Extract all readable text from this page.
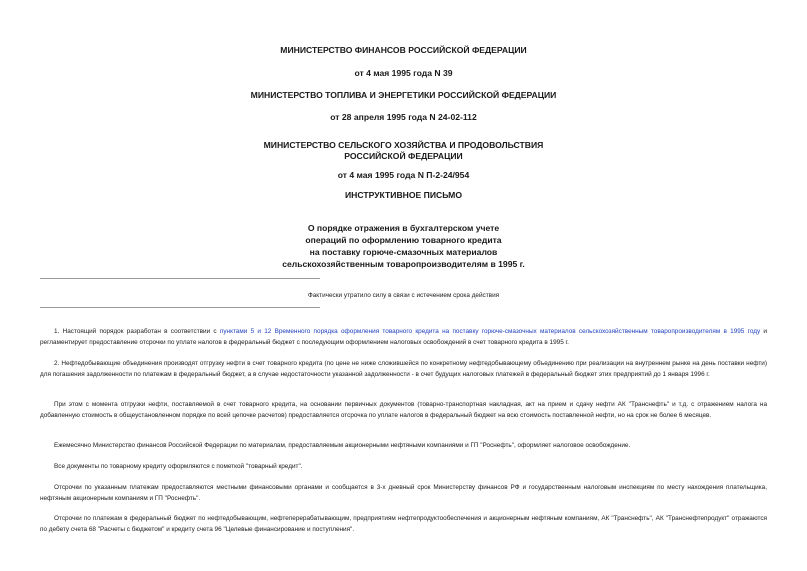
МИНИСТЕРСТВО ФИНАНСОВ РОССИЙСКОЙ ФЕДЕРАЦИИ
от 4 мая 1995 года N 39
МИНИСТЕРСТВО ТОПЛИВА И ЭНЕРГЕТИКИ РОССИЙСКОЙ ФЕДЕРАЦИИ
от 28 апреля 1995 года N 24-02-112
МИНИСТЕРСТВО СЕЛЬСКОГО ХОЗЯЙСТВА И ПРОДОВОЛЬСТВИЯ
РОССИЙСКОЙ ФЕДЕРАЦИИ
от 4 мая 1995 года N П-2-24/954
ИНСТРУКТИВНОЕ ПИСЬМО
О порядке отражения в бухгалтерском учете
операций по оформлению товарного кредита
на поставку горюче-смазочных материалов
сельскохозяйственным товаропроизводителям в 1995 г.
Фактически утратило силу в связи с истечением срока действия
1. Настоящий порядок разработан в соответствии с пунктами 5 и 12 Временного порядка оформления товарного кредита на поставку горюче-смазочных материалов сельскохозяйственным товаропроизводителям в 1995 году и регламентирует предоставление отсрочки по уплате налогов в федеральный бюджет с последующим оформлением налоговых освобождений в счет товарного кредита в 1995 г.
2. Нефтедобывающие объединения производят отгрузку нефти в счет товарного кредита (по цене не ниже сложившейся по конкретному нефтедобывающему объединению при реализации на внутреннем рынке на день поставки нефти) для погашения задолженности по платежам в федеральный бюджет, а в случае недостаточности указанной задолженности - в счет будущих налоговых платежей в федеральный бюджет этих предприятий до 1 января 1996 г.
При этом с момента отгрузки нефти, поставляемой в счет товарного кредита, на основании первичных документов (товарно-транспортная накладная, акт на прием и сдачу нефти АК "Транснефть" и т.д. с отражением налога на добавленную стоимость в общеустановленном порядке по всей цепочке расчетов) предоставляется отсрочка по уплате налогов в федеральный бюджет на всю стоимость поставленной нефти, но на срок не более 6 месяцев.
Ежемесячно Министерство финансов Российской Федерации по материалам, предоставляемым акционерными нефтяными компаниями и ГП "Роснефть", оформляет налоговое освобождение.
Все документы по товарному кредиту оформляются с пометкой "товарный кредит".
Отсрочки по указанным платежам предоставляются местными финансовыми органами и сообщается в 3-х дневный срок Министерству финансов РФ и государственным налоговым инспекциям по месту нахождения плательщика, нефтяным акционерным компаниям и ГП "Роснефть".
Отсрочки по платежам в федеральный бюджет по нефтедобывающим, нефтеперерабатывающим, предприятиям нефтепродуктообеспечения и акционерным нефтяным компаниям, АК "Транснефть", АК "Транснефтепродукт" отражаются по дебету счета 68 "Расчеты с бюджетом" и кредиту счета 96 "Целевые финансирование и поступления".
